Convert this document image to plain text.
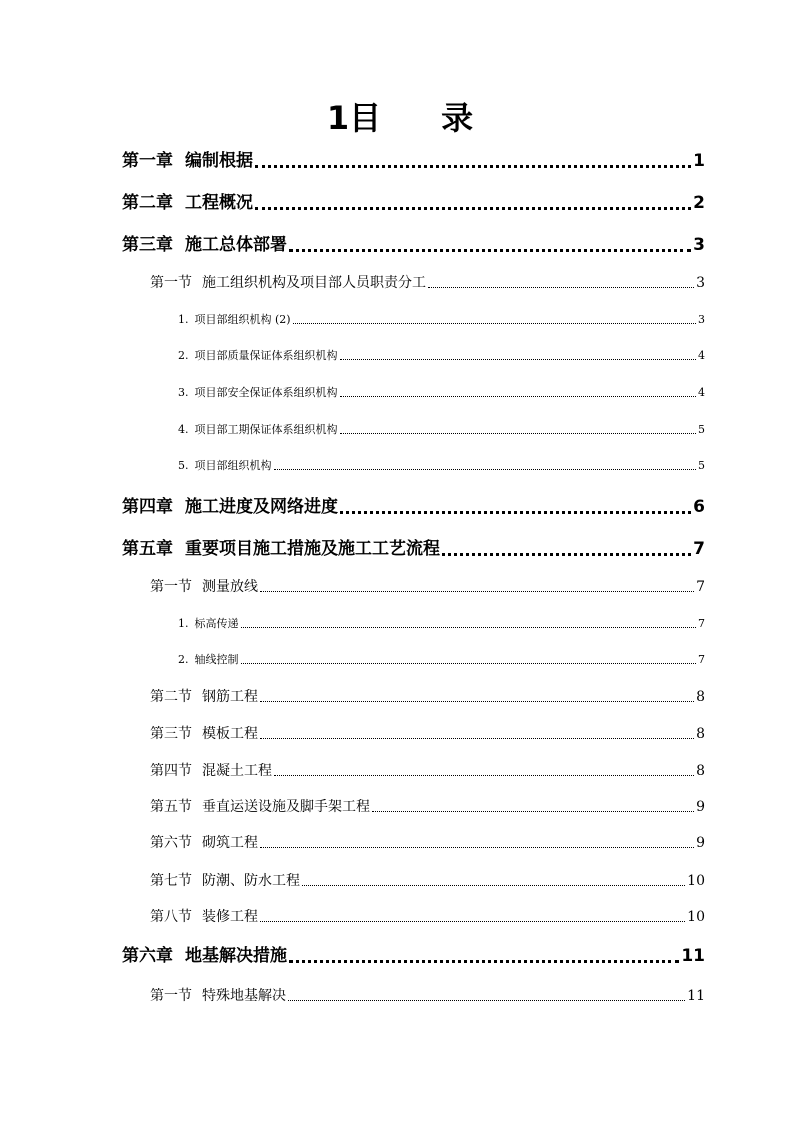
1目 录
第一章 编制根据	1
第二章 工程概况	2
第三章 施工总体部署	3
第一节 施工组织机构及项目部人员职责分工	3
1. 项目部组织机构 (2)	3
2. 项目部质量保证体系组织机构	4
3. 项目部安全保证体系组织机构	4
4. 项目部工期保证体系组织机构	5
5. 项目部组织机构	5
第四章 施工进度及网络进度	6
第五章 重要项目施工措施及施工工艺流程	7
第一节 测量放线	7
1. 标高传递	7
2. 轴线控制	7
第二节 钢筋工程	8
第三节 模板工程	8
第四节 混凝土工程	8
第五节 垂直运送设施及脚手架工程	9
第六节 砌筑工程	9
第七节 防潮、防水工程	10
第八节 装修工程	10
第六章 地基解决措施	11
第一节 特殊地基解决	11
